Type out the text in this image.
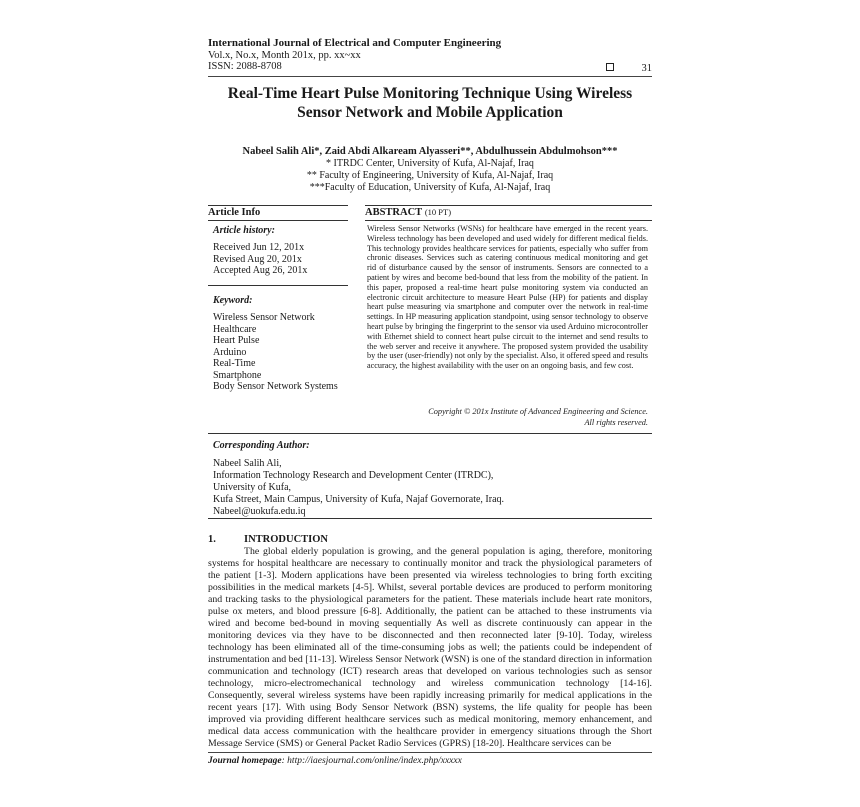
International Journal of Electrical and Computer Engineering
Vol.x, No.x, Month 201x, pp. xx~xx
ISSN: 2088-8708	31
Real-Time Heart Pulse Monitoring Technique Using Wireless Sensor Network and Mobile Application
Nabeel Salih Ali*, Zaid Abdi Alkaream Alyasseri**, Abdulhussein Abdulmohson***
* ITRDC Center, University of Kufa, Al-Najaf, Iraq
** Faculty of Engineering, University of Kufa, Al-Najaf, Iraq
***Faculty of Education, University of Kufa, Al-Najaf, Iraq
Article Info	ABSTRACT (10 PT)
Article history:
Received Jun 12, 201x
Revised Aug 20, 201x
Accepted Aug 26, 201x
Keyword:
Wireless Sensor Network
Healthcare
Heart Pulse
Arduino
Real-Time
Smartphone
Body Sensor Network Systems
Wireless Sensor Networks (WSNs) for healthcare have emerged in the recent years. Wireless technology has been developed and used widely for different medical fields. This technology provides healthcare services for patients, especially who suffer from chronic diseases. Services such as catering continuous medical monitoring and get rid of disturbance caused by the sensor of instruments. Sensors are connected to a patient by wires and become bed-bound that less from the mobility of the patient. In this paper, proposed a real-time heart pulse monitoring system via conducted an electronic circuit architecture to measure Heart Pulse (HP) for patients and display heart pulse measuring via smartphone and computer over the network in real-time settings. In HP measuring application standpoint, using sensor technology to observe heart pulse by bringing the fingerprint to the sensor via used Arduino microcontroller with Ethernet shield to connect heart pulse circuit to the internet and send results to the web server and receive it anywhere. The proposed system provided the usability by the user (user-friendly) not only by the specialist. Also, it offered speed and results accuracy, the highest availability with the user on an ongoing basis, and few cost.
Copyright © 201x Institute of Advanced Engineering and Science.
All rights reserved.
Corresponding Author:
Nabeel Salih Ali,
Information Technology Research and Development Center (ITRDC),
University of Kufa,
Kufa Street, Main Campus, University of Kufa, Najaf Governorate, Iraq.
Nabeel@uokufa.edu.iq
1.	INTRODUCTION
The global elderly population is growing, and the general population is aging, therefore, monitoring systems for hospital healthcare are necessary to continually monitor and track the physiological parameters of the patient [1-3]. Modern applications have been presented via wireless technologies to bring forth exciting possibilities in the medical markets [4-5]. Whilst, several portable devices are produced to perform monitoring and tracking tasks to the physiological parameters for the patient. These materials include heart rate monitors, pulse ox meters, and blood pressure [6-8]. Additionally, the patient can be attached to these instruments via wired and become bed-bound in moving sequentially As well as discrete continuously can appear in the monitoring devices via they have to be disconnected and then reconnected later [9-10]. Today, wireless technology has been eliminated all of the time-consuming jobs as well; the patients could be independent of instrumentation and bed [11-13]. Wireless Sensor Network (WSN) is one of the standard direction in information communication and technology (ICT) research areas that developed on various technologies such as sensor technology, micro-electromechanical technology and wireless communication technology [14-16]. Consequently, several wireless systems have been rapidly increasing primarily for medical applications in the recent years [17]. With using Body Sensor Network (BSN) systems, the life quality for people has been improved via providing different healthcare services such as medical monitoring, memory enhancement, and medical data access communication with the healthcare provider in emergency situations through the Short Message Service (SMS) or General Packet Radio Services (GPRS) [18-20]. Healthcare services can be
Journal homepage: http://iaesjournal.com/online/index.php/xxxxx
